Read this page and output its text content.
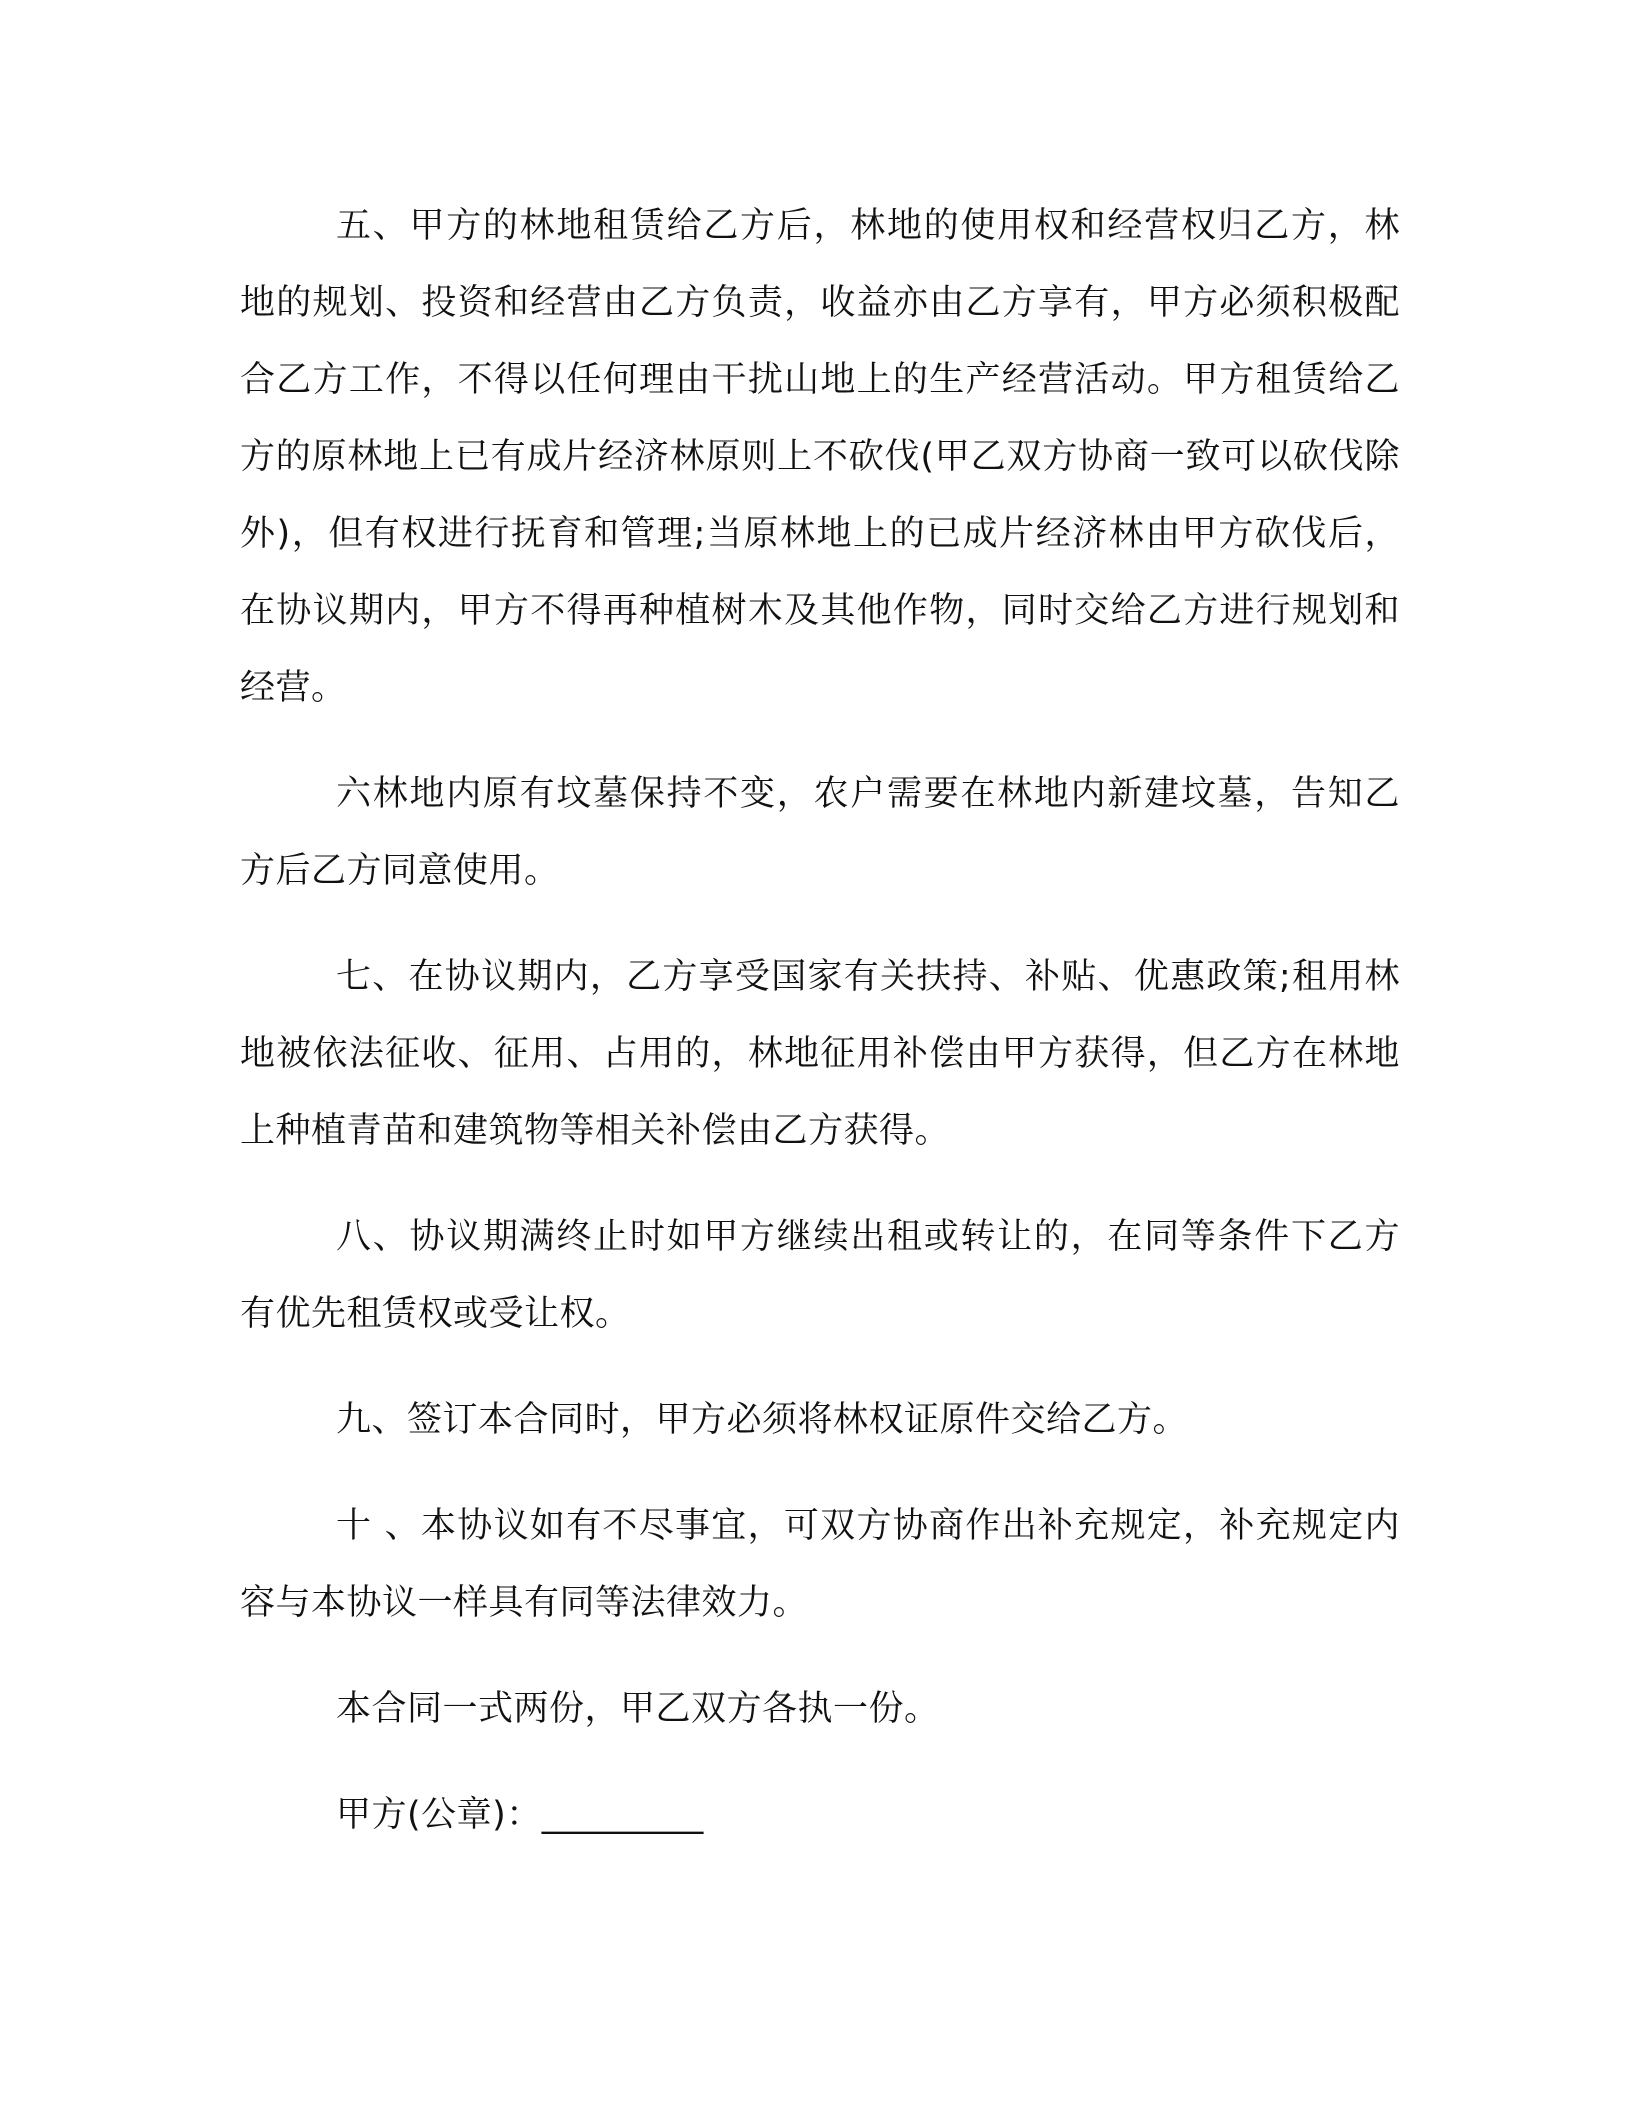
五、甲方的林地租赁给乙方后，林地的使用权和经营权归乙方，林地的规划、投资和经营由乙方负责，收益亦由乙方享有，甲方必须积极配合乙方工作，不得以任何理由干扰山地上的生产经营活动。甲方租赁给乙方的原林地上已有成片经济林原则上不砍伐(甲乙双方协商一致可以砍伐除外)，但有权进行抚育和管理;当原林地上的已成片经济林由甲方砍伐后，在协议期内，甲方不得再种植树木及其他作物，同时交给乙方进行规划和经营。

六林地内原有坟墓保持不变，农户需要在林地内新建坟墓，告知乙方后乙方同意使用。

七、在协议期内，乙方享受国家有关扶持、补贴、优惠政策;租用林地被依法征收、征用、占用的，林地征用补偿由甲方获得，但乙方在林地上种植青苗和建筑物等相关补偿由乙方获得。

八、协议期满终止时如甲方继续出租或转让的，在同等条件下乙方有优先租赁权或受让权。

九、签订本合同时，甲方必须将林权证原件交给乙方。

十 、本协议如有不尽事宜，可双方协商作出补充规定，补充规定内容与本协议一样具有同等法律效力。

本合同一式两份，甲乙双方各执一份。

甲方(公章)：_________
